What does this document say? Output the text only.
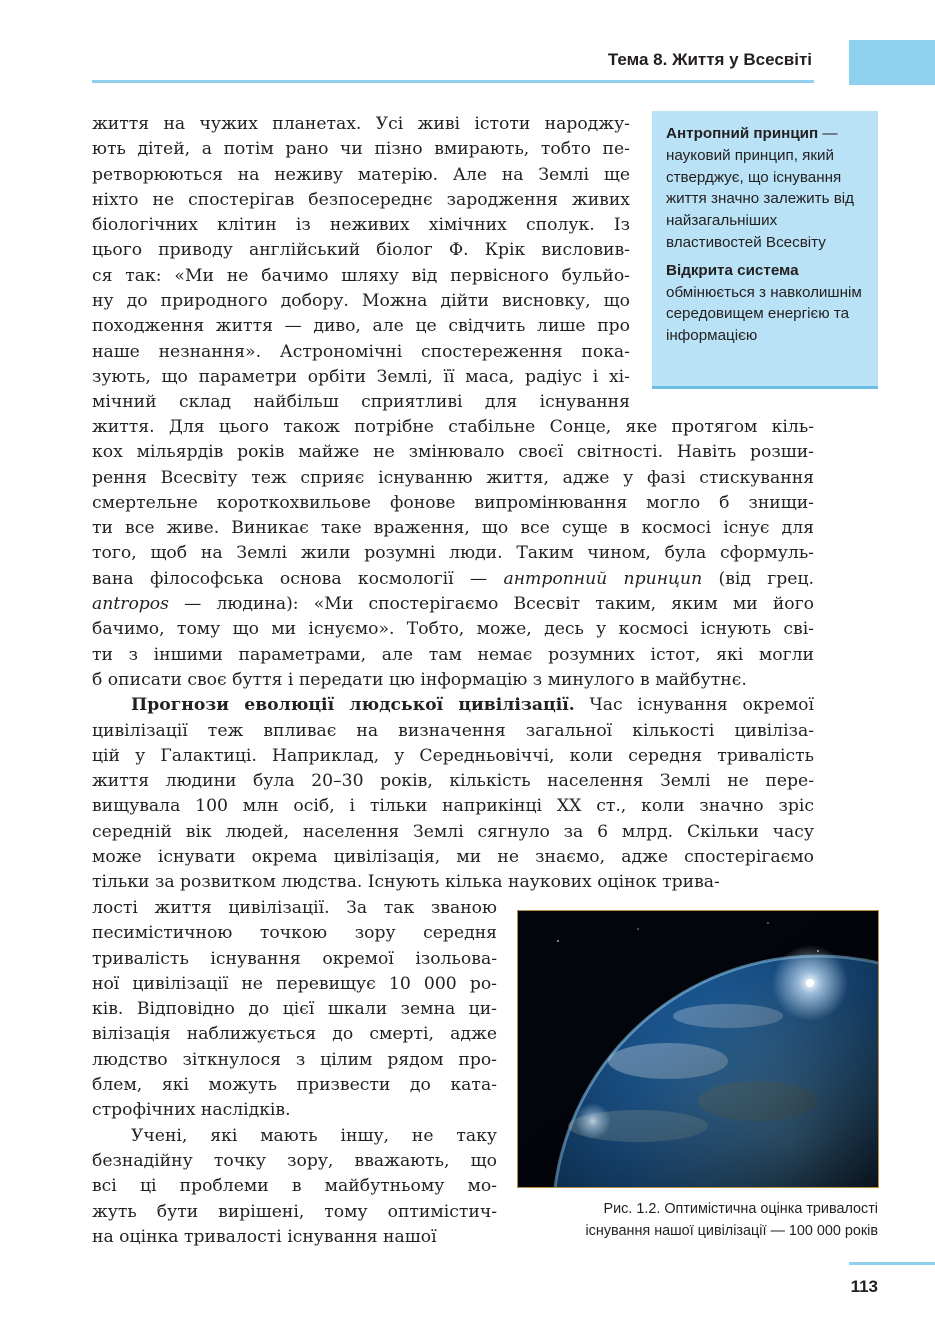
Тема 8. Життя у Всесвіті

Антропний принцип — науковий принцип, який стверджує, що існування життя значно залежить від найзагальніших властивостей Всесвіту

Відкрита система
обмінюється з навколишнім середовищем енергією та інформацією

життя на чужих планетах. Усі живі істоти народжу-

ють дітей, а потім рано чи пізно вмирають, тобто пе-

ретворюються на неживу матерію. Але на Землі ще

ніхто не спостерігав безпосереднє зародження живих

біологічних клітин із неживих хімічних сполук. Із

цього приводу англійський біолог Ф. Крік висловив-

ся так: «Ми не бачимо шляху від первісного бульйо-

ну до природного добору. Можна дійти висновку, що

походження життя — диво, але це свідчить лише про

наше незнання». Астрономічні спостереження пока-

зують, що параметри орбіти Землі, її маса, радіус і хі-

мічний склад найбільш сприятливі для існування

життя. Для цього також потрібне стабільне Сонце, яке протягом кіль-

кох мільярдів років майже не змінювало своєї світності. Навіть розши-

рення Всесвіту теж сприяє існуванню життя, адже у фазі стискування

смертельне короткохвильове фонове випромінювання могло б знищи-

ти все живе. Виникає таке враження, що все суще в космосі існує для

того, щоб на Землі жили розумні люди. Таким чином, була сформуль-

вана філософська основа космології — антропний принцип (від грец.

antropos — людина): «Ми спостерігаємо Всесвіт таким, яким ми його

бачимо, тому що ми існуємо». Тобто, може, десь у космосі існують сві-

ти з іншими параметрами, але там немає розумних істот, які могли

б описати своє буття і передати цю інформацію з минулого в майбутнє.

Прогнози еволюції людської цивілізації. Час існування окремої

цивілізації теж впливає на визначення загальної кількості цивіліза-

цій у Галактиці. Наприклад, у Середньовіччі, коли середня тривалість

життя людини була 20–30 років, кількість населення Землі не пере-

вищувала 100 млн осіб, і тільки наприкінці XX ст., коли значно зріс

середній вік людей, населення Землі сягнуло за 6 млрд. Скільки часу

може існувати окрема цивілізація, ми не знаємо, адже спостерігаємо

тільки за розвитком людства. Існують кілька наукових оцінок трива-

лості життя цивілізації. За так званою

песимістичною точкою зору середня

тривалість існування окремої ізольова-

ної цивілізації не перевищує 10 000 ро-

ків. Відповідно до цієї шкали земна ци-

вілізація наближується до смерті, адже

людство зіткнулося з цілим рядом про-

блем, які можуть призвести до ката-

строфічних наслідків.

Учені, які мають іншу, не таку

безнадійну точку зору, вважають, що

всі ці проблеми в майбутньому мо-

жуть бути вирішені, тому оптимістич-

на оцінка тривалості існування нашої

Рис. 1.2. Оптимістична оцінка тривалості
існування нашої цивілізації — 100 000 років
113
